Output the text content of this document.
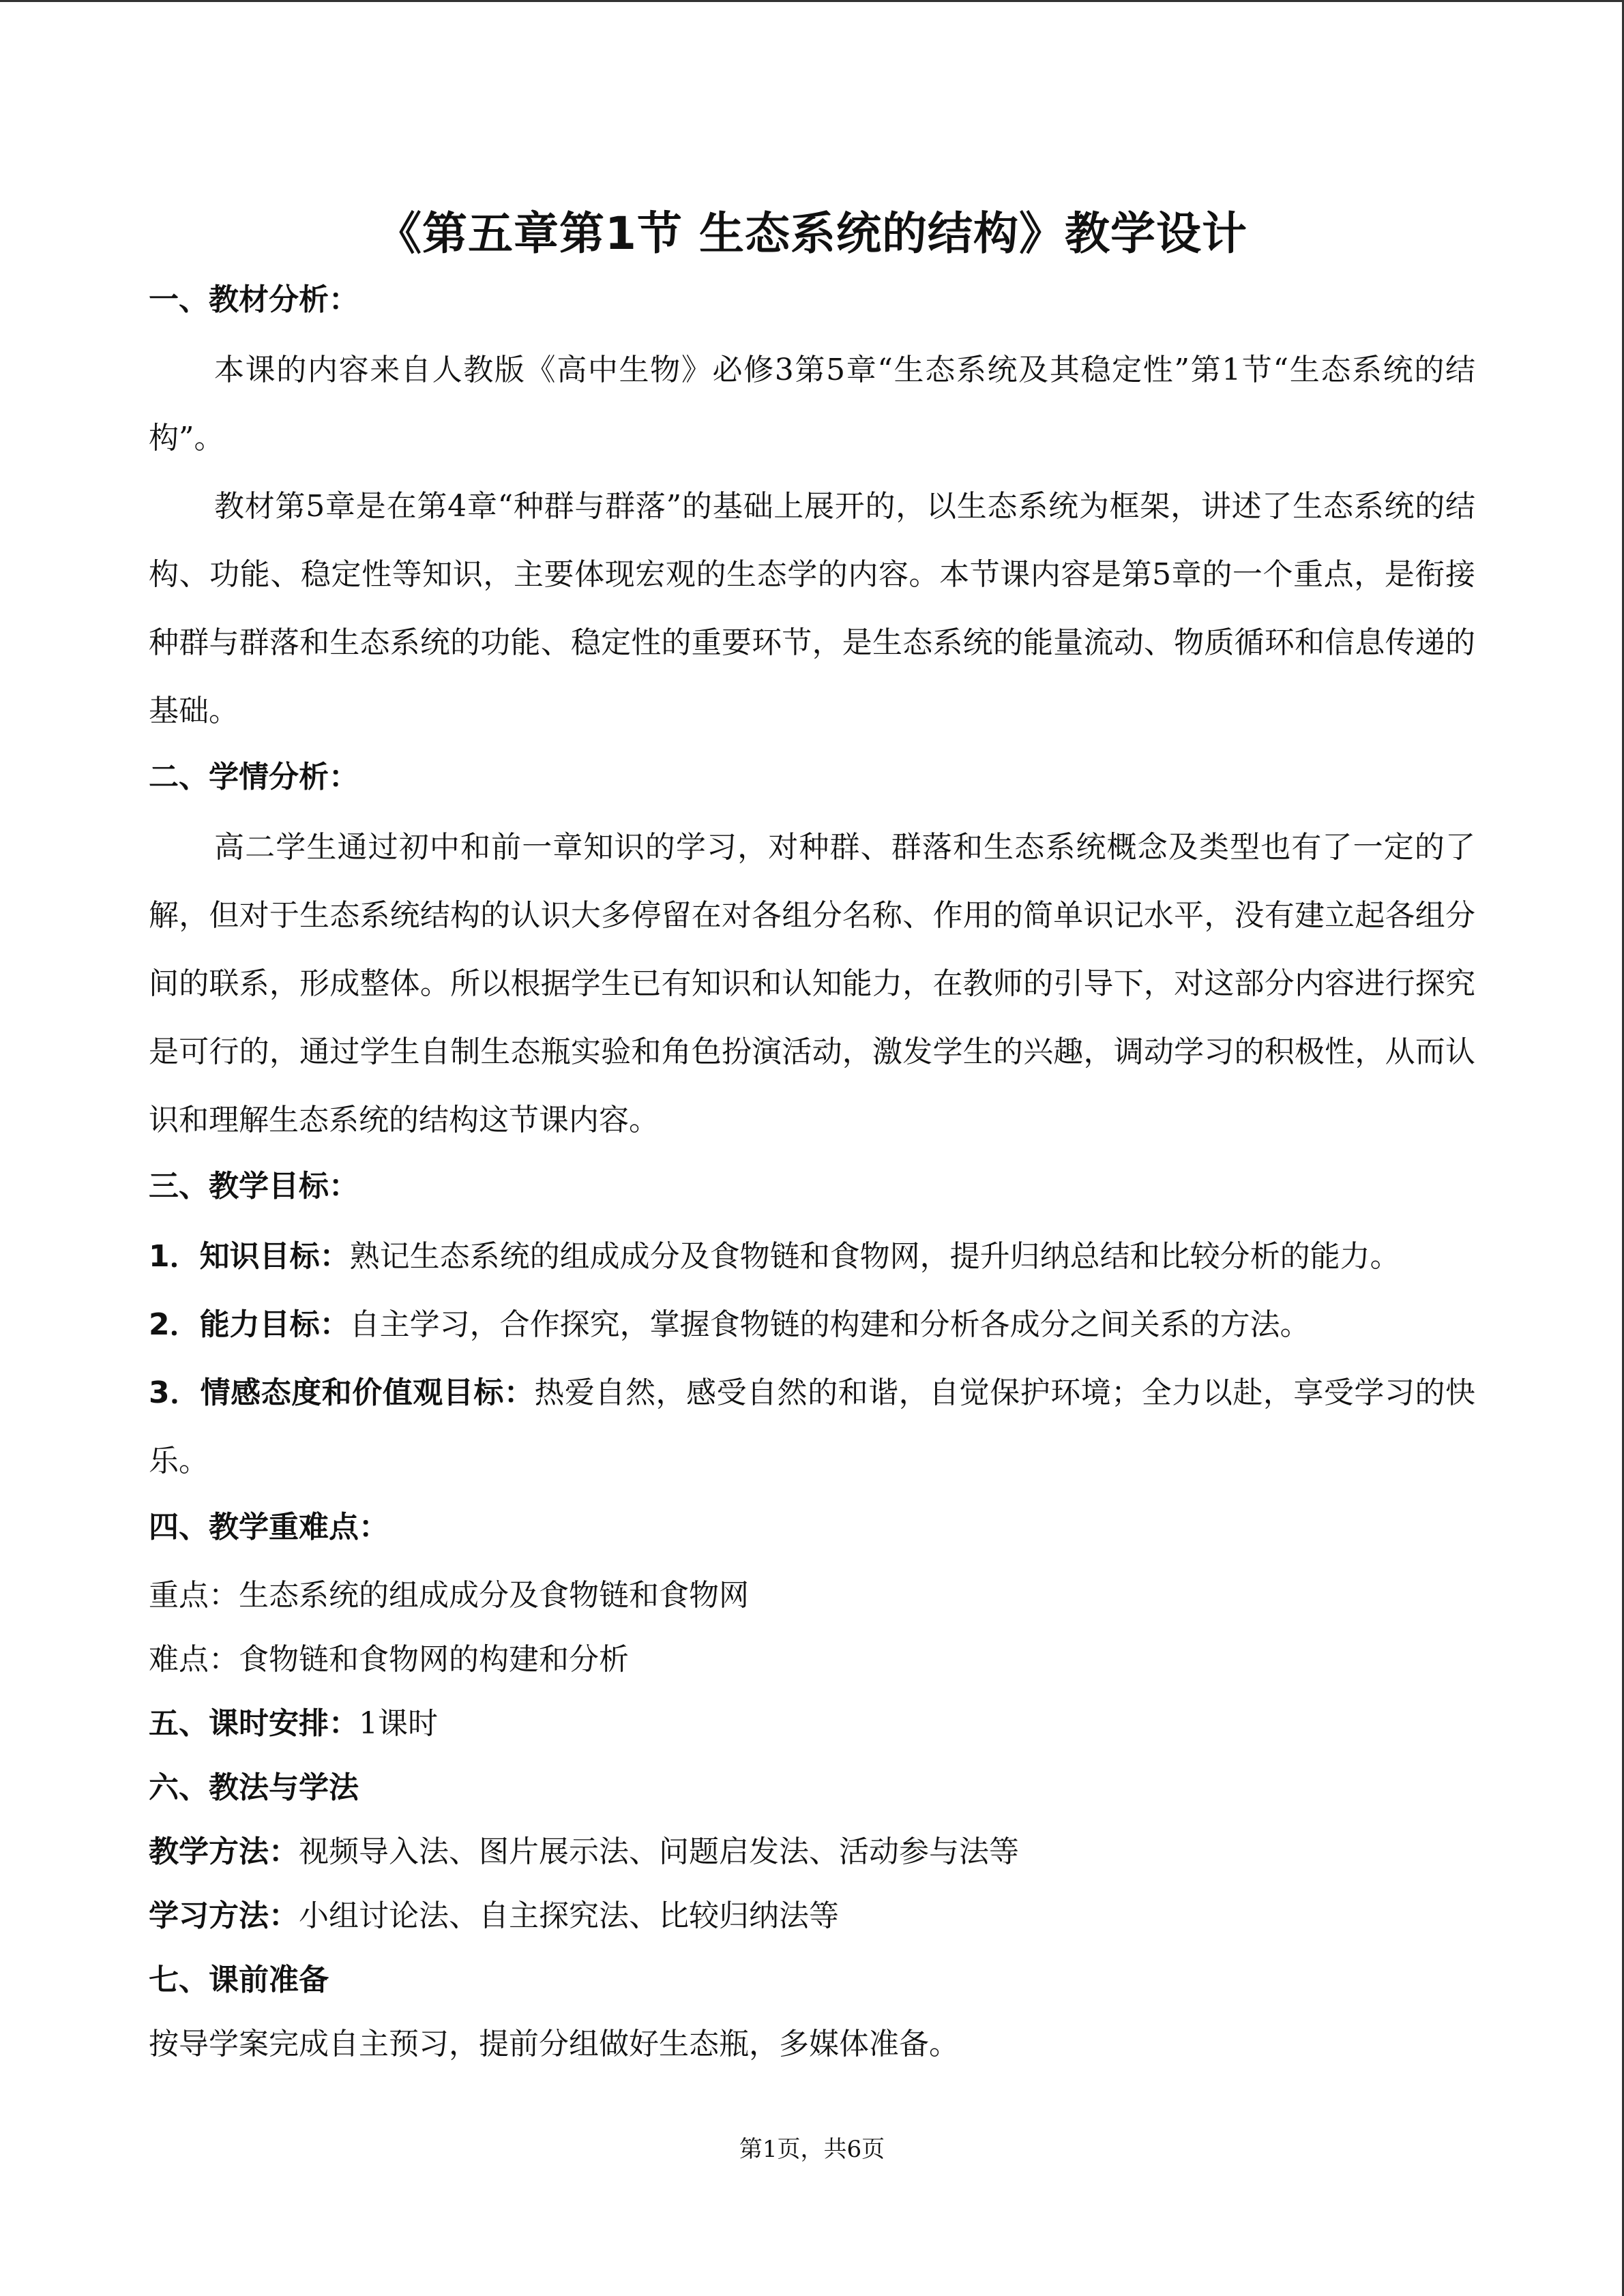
《第五章第1节 生态系统的结构》教学设计
一、教材分析：

本课的内容来自人教版《高中生物》必修3第5章“生态系统及其稳定性”第1节“生态系统的结构”。

教材第5章是在第4章“种群与群落”的基础上展开的，以生态系统为框架，讲述了生态系统的结构、功能、稳定性等知识，主要体现宏观的生态学的内容。本节课内容是第5章的一个重点，是衔接种群与群落和生态系统的功能、稳定性的重要环节，是生态系统的能量流动、物质循环和信息传递的基础。

二、学情分析：

高二学生通过初中和前一章知识的学习，对种群、群落和生态系统概念及类型也有了一定的了解，但对于生态系统结构的认识大多停留在对各组分名称、作用的简单识记水平，没有建立起各组分间的联系，形成整体。所以根据学生已有知识和认知能力，在教师的引导下，对这部分内容进行探究是可行的，通过学生自制生态瓶实验和角色扮演活动，激发学生的兴趣，调动学习的积极性，从而认识和理解生态系统的结构这节课内容。

三、教学目标：

1．知识目标：熟记生态系统的组成成分及食物链和食物网，提升归纳总结和比较分析的能力。

2．能力目标：自主学习，合作探究，掌握食物链的构建和分析各成分之间关系的方法。

3．情感态度和价值观目标：热爱自然，感受自然的和谐，自觉保护环境；全力以赴，享受学习的快乐。

四、教学重难点：

重点：生态系统的组成成分及食物链和食物网

难点：食物链和食物网的构建和分析

五、课时安排：1课时

六、教法与学法

教学方法：视频导入法、图片展示法、问题启发法、活动参与法等

学习方法：小组讨论法、自主探究法、比较归纳法等

七、课前准备

按导学案完成自主预习，提前分组做好生态瓶，多媒体准备。

第1页，共6页
